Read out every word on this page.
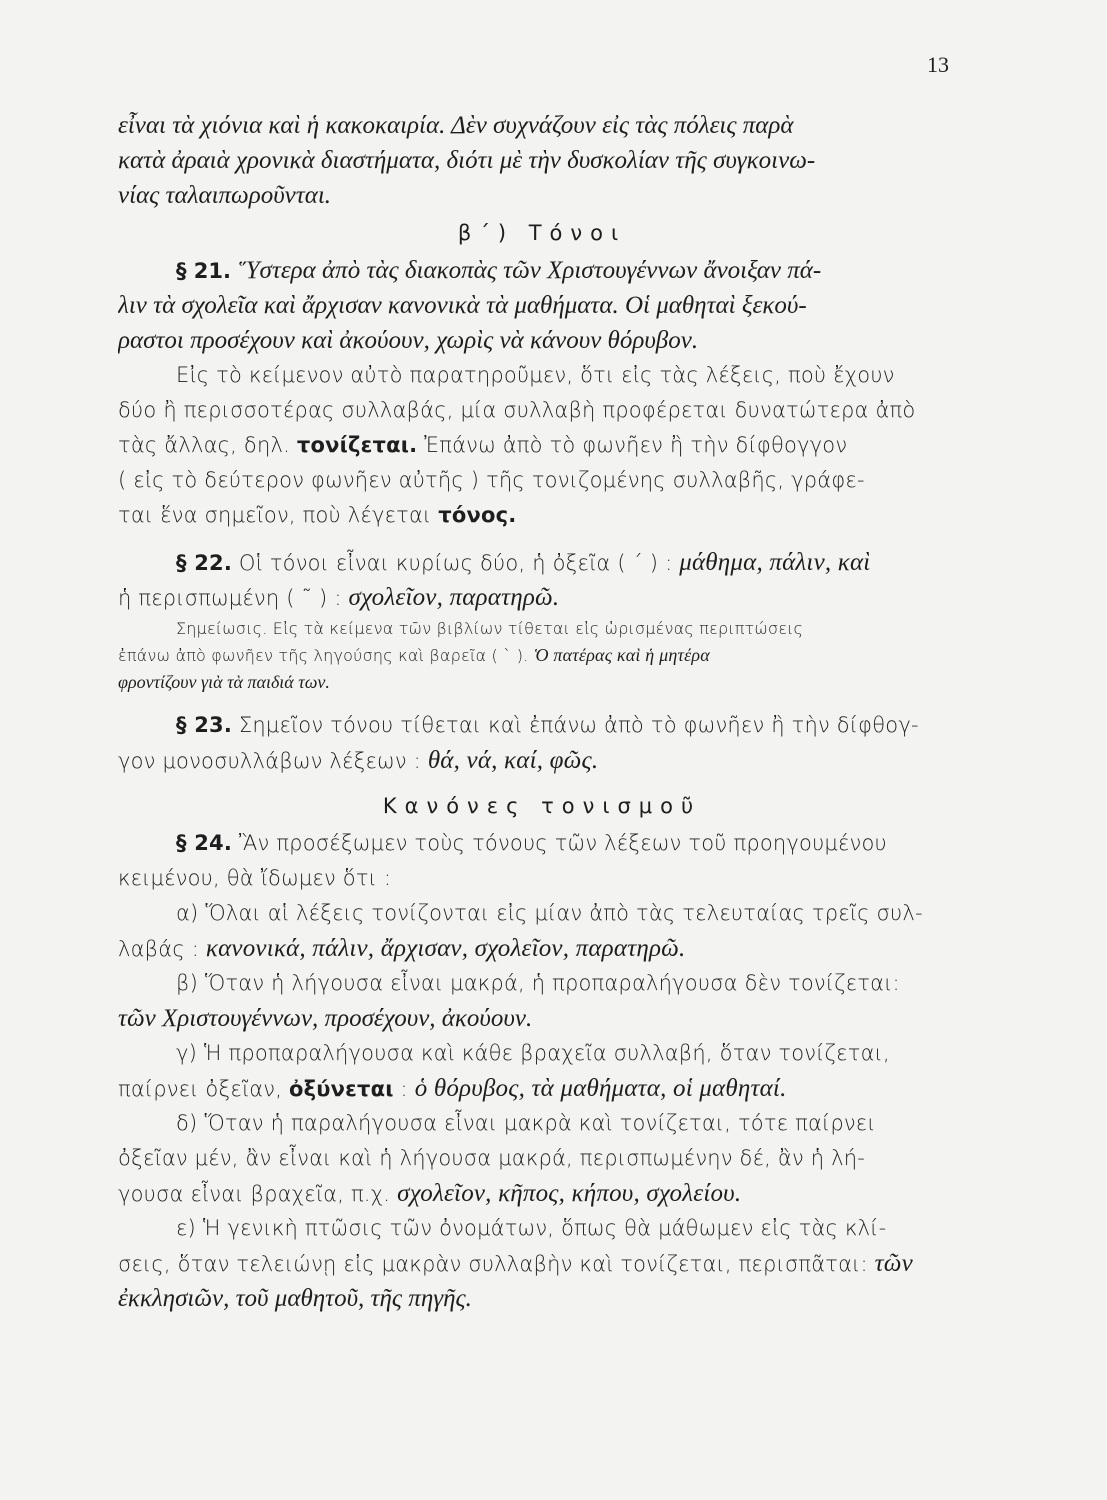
13
εἶναι τὰ χιόνια καὶ ἡ κακοκαιρία. Δὲν συχνάζουν εἰς τὰς πόλεις παρὰ
κατὰ ἀραιὰ χρονικὰ διαστήματα, διότι μὲ τὴν δυσκολίαν τῆς συγκοινω-
νίας ταλαιπωροῦνται.
β΄) Τόνοι
§ 21. Ὕστερα ἀπὸ τὰς διακοπὰς τῶν Χριστουγέννων ἄνοιξαν πά-
λιν τὰ σχολεῖα καὶ ἄρχισαν κανονικὰ τὰ μαθήματα. Οἱ μαθηταὶ ξεκού-
ραστοι προσέχουν καὶ ἀκούουν, χωρὶς νὰ κάνουν θόρυβον.
Εἰς τὸ κείμενον αὐτὸ παρατηροῦμεν, ὅτι εἰς τὰς λέξεις, ποὺ ἔχουν
δύο ἢ περισσοτέρας συλλαβάς, μία συλλαβὴ προφέρεται δυνατώτερα ἀπὸ
τὰς ἄλλας, δηλ. τονίζεται. Ἐπάνω ἀπὸ τὸ φωνῆεν ἢ τὴν δίφθογγον
( εἰς τὸ δεύτερον φωνῆεν αὐτῆς ) τῆς τονιζομένης συλλαβῆς, γράφε-
ται ἕνα σημεῖον, ποὺ λέγεται τόνος.
§ 22. Οἱ τόνοι εἶναι κυρίως δύο, ἡ ὀξεῖα ( ´ ) : μάθημα, πάλιν, καὶ
ἡ περισπωμένη ( ῀ ) : σχολεῖον, παρατηρῶ.
Σημείωσις. Εἰς τὰ κείμενα τῶν βιβλίων τίθεται εἰς ὡρισμένας περιπτώσεις
ἐπάνω ἀπὸ φωνῆεν τῆς ληγούσης καὶ βαρεῖα ( ` ). Ὁ πατέρας καὶ ἡ μητέρα
φροντίζουν γιὰ τὰ παιδιά των.
§ 23. Σημεῖον τόνου τίθεται καὶ ἐπάνω ἀπὸ τὸ φωνῆεν ἢ τὴν δίφθογ-
γον μονοσυλλάβων λέξεων : θά, νά, καί, φῶς.
Κανόνες τονισμοῦ
§ 24. Ἂν προσέξωμεν τοὺς τόνους τῶν λέξεων τοῦ προηγουμένου
κειμένου, θὰ ἴδωμεν ὅτι :
α) Ὅλαι αἱ λέξεις τονίζονται εἰς μίαν ἀπὸ τὰς τελευταίας τρεῖς συλ-
λαβάς : κανονικά, πάλιν, ἄρχισαν, σχολεῖον, παρατηρῶ.
β) Ὅταν ἡ λήγουσα εἶναι μακρά, ἡ προπαραλήγουσα δὲν τονίζεται:
τῶν Χριστουγέννων, προσέχουν, ἀκούουν.
γ) Ἡ προπαραλήγουσα καὶ κάθε βραχεῖα συλλαβή, ὅταν τονίζεται,
παίρνει ὀξεῖαν, ὀξύνεται : ὁ θόρυβος, τὰ μαθήματα, οἱ μαθηταί.
δ) Ὅταν ἡ παραλήγουσα εἶναι μακρὰ καὶ τονίζεται, τότε παίρνει
ὀξεῖαν μέν, ἂν εἶναι καὶ ἡ λήγουσα μακρά, περισπωμένην δέ, ἂν ἡ λή-
γουσα εἶναι βραχεῖα, π.χ. σχολεῖον, κῆπος, κήπου, σχολείου.
ε) Ἡ γενικὴ πτῶσις τῶν ὀνομάτων, ὅπως θὰ μάθωμεν εἰς τὰς κλί-
σεις, ὅταν τελειώνῃ εἰς μακρὰν συλλαβὴν καὶ τονίζεται, περισπᾶται: τῶν
ἐκκλησιῶν, τοῦ μαθητοῦ, τῆς πηγῆς.
